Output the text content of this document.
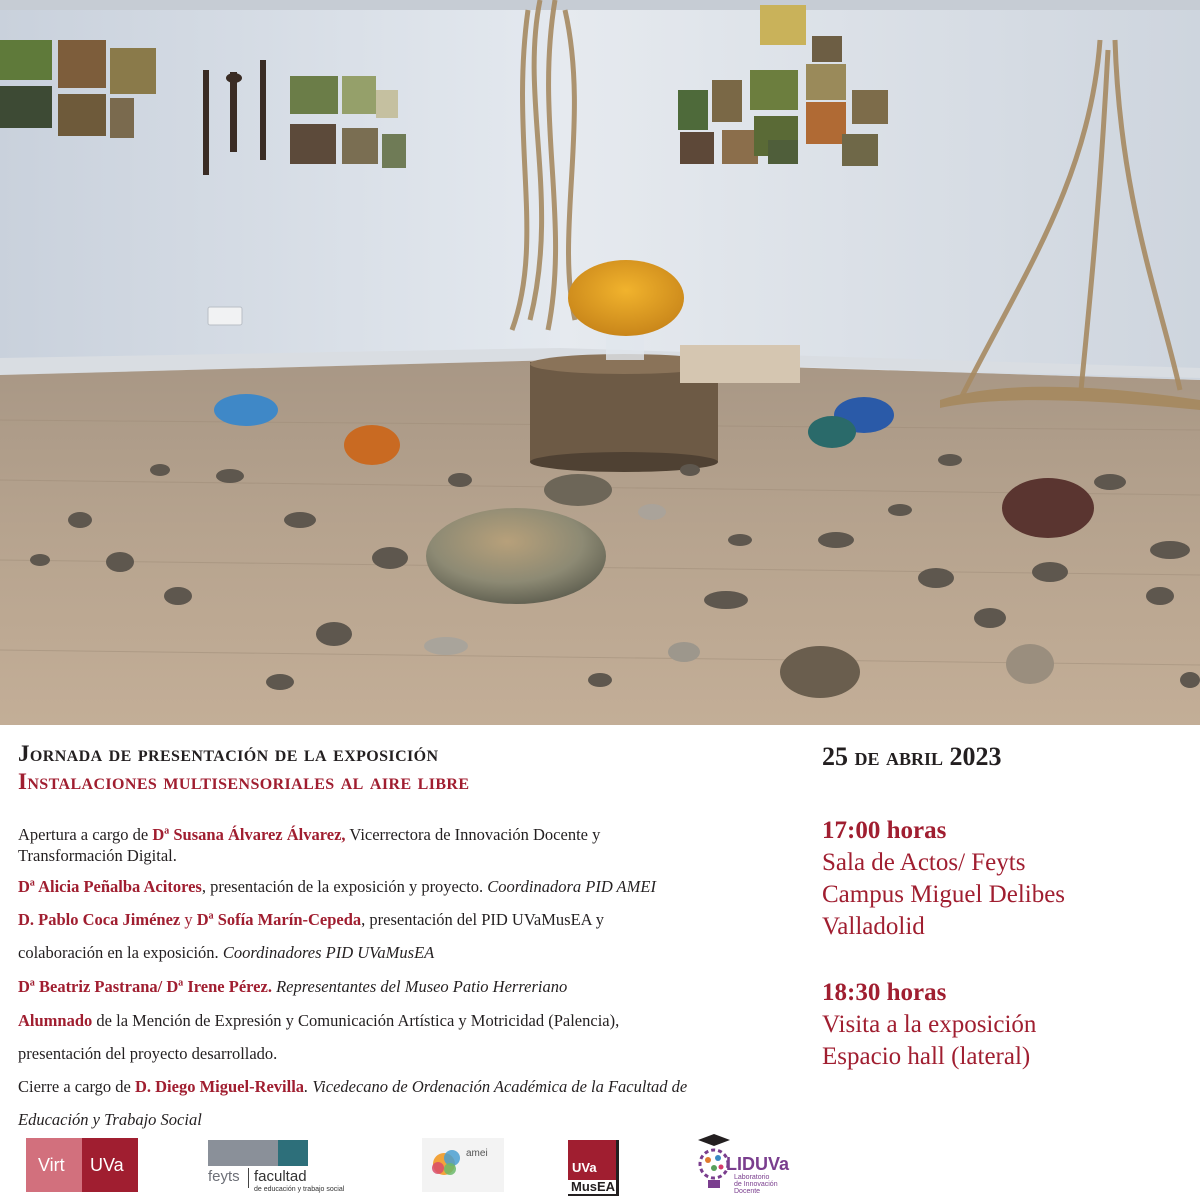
Jornada de presentación de la exposición
Instalaciones multisensoriales al aire libre
Apertura a cargo de Dª Susana Álvarez Álvarez, Vicerrectora de Innovación Docente y
Transformación Digital.
Dª Alicia Peñalba Acitores, presentación de la exposición y proyecto. Coordinadora PID AMEI
D. Pablo Coca Jiménez y Dª Sofía Marín-Cepeda, presentación del PID UVaMusEA y
colaboración en la exposición. Coordinadores PID UVaMusEA
Dª Beatriz Pastrana/ Dª Irene Pérez. Representantes del Museo Patio Herreriano
Alumnado de la Mención de Expresión y Comunicación Artística y Motricidad (Palencia),
presentación del proyecto desarrollado.
Cierre a cargo de D. Diego Miguel-Revilla. Vicedecano de Ordenación Académica de la Facultad de
Educación y Trabajo Social
25 de abril 2023
17:00 horas
Sala de Actos/ Feyts
Campus Miguel Delibes
Valladolid
18:30 horas
Visita a la exposición
Espacio hall (lateral)
Virt UVa
feyts facultad
de educación y trabajo social
amei
UVa
MusEA
LIDUVa
Laboratorio
de Innovación
Docente
